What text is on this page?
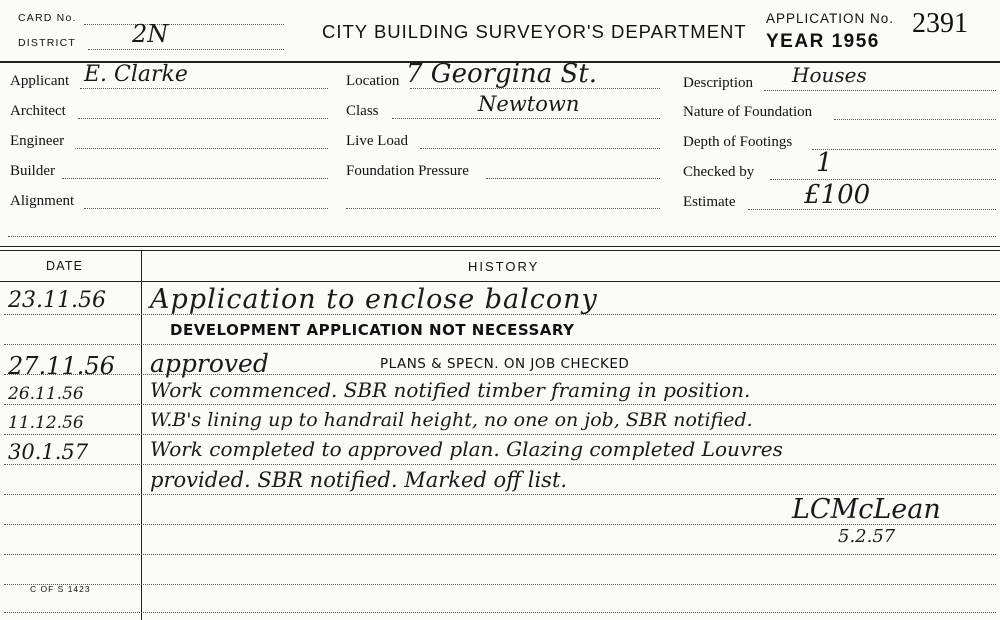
CARD No.
DISTRICT 2N	CITY BUILDING SURVEYOR'S DEPARTMENT
APPLICATION No. 2391
YEAR 1956
Applicant E. Clarke
Architect
Engineer
Builder
Alignment
Location 7 Georgina St.
Class	Newtown
Live Load
Foundation Pressure
Description Houses
Nature of Foundation
Depth of Footings
Checked by 1
Estimate	£100
DATE	HISTORY
23.11.56 Application to enclose balcony
DEVELOPMENT APPLICATION NOT NECESSARY
27.11.56 approved	PLANS & SPECN. ON JOB CHECKED
26.11.56	Work commenced. SBR notified timber framing in position.
11.12.56	W.B's lining up to handrail height, no one on job, SBR notified.
30.1.57	Work completed to approved plan. Glazing completed Louvres
provided. SBR notified. Marked off list.
LCMcLean
5.2.57
C OF S 1423
